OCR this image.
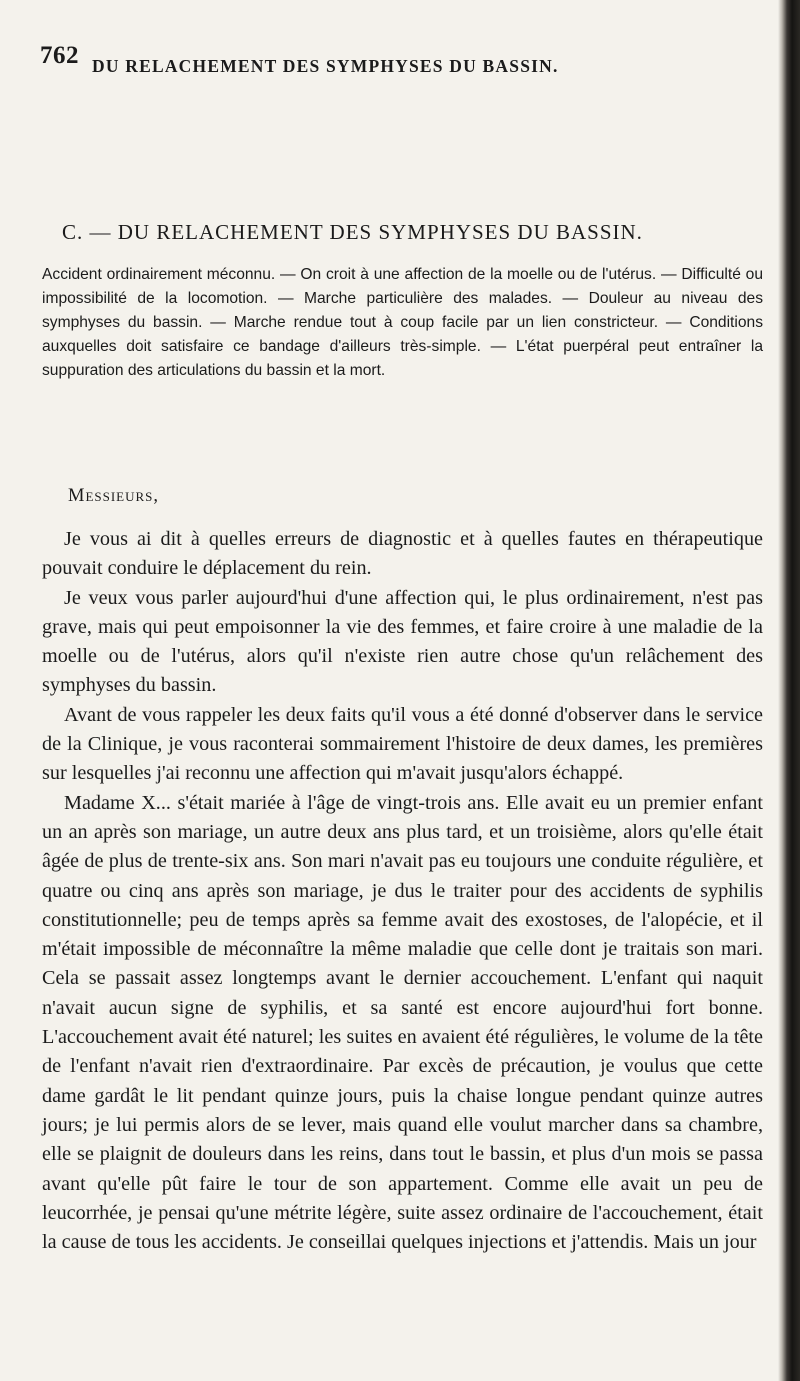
762 DU RELACHEMENT DES SYMPHYSES DU BASSIN.
C. — DU RELACHEMENT DES SYMPHYSES DU BASSIN.

Accident ordinairement méconnu. — On croit à une affection de la moelle ou de l'utérus. — Difficulté ou impossibilité de la locomotion. — Marche particulière des malades. — Douleur au niveau des symphyses du bassin. — Marche rendue tout à coup facile par un lien constricteur. — Conditions auxquelles doit satisfaire ce bandage d'ailleurs très-simple. — L'état puerpéral peut entraîner la suppuration des articulations du bassin et la mort.

Messieurs,

Je vous ai dit à quelles erreurs de diagnostic et à quelles fautes en thérapeutique pouvait conduire le déplacement du rein.

Je veux vous parler aujourd'hui d'une affection qui, le plus ordinairement, n'est pas grave, mais qui peut empoisonner la vie des femmes, et faire croire à une maladie de la moelle ou de l'utérus, alors qu'il n'existe rien autre chose qu'un relâchement des symphyses du bassin.

Avant de vous rappeler les deux faits qu'il vous a été donné d'observer dans le service de la Clinique, je vous raconterai sommairement l'histoire de deux dames, les premières sur lesquelles j'ai reconnu une affection qui m'avait jusqu'alors échappé.

Madame X... s'était mariée à l'âge de vingt-trois ans. Elle avait eu un premier enfant un an après son mariage, un autre deux ans plus tard, et un troisième, alors qu'elle était âgée de plus de trente-six ans. Son mari n'avait pas eu toujours une conduite régulière, et quatre ou cinq ans après son mariage, je dus le traiter pour des accidents de syphilis constitutionnelle; peu de temps après sa femme avait des exostoses, de l'alopécie, et il m'était impossible de méconnaître la même maladie que celle dont je traitais son mari. Cela se passait assez longtemps avant le dernier accouchement. L'enfant qui naquit n'avait aucun signe de syphilis, et sa santé est encore aujourd'hui fort bonne. L'accouchement avait été naturel; les suites en avaient été régulières, le volume de la tête de l'enfant n'avait rien d'extraordinaire. Par excès de précaution, je voulus que cette dame gardât le lit pendant quinze jours, puis la chaise longue pendant quinze autres jours; je lui permis alors de se lever, mais quand elle voulut marcher dans sa chambre, elle se plaignit de douleurs dans les reins, dans tout le bassin, et plus d'un mois se passa avant qu'elle pût faire le tour de son appartement. Comme elle avait un peu de leucorrhée, je pensai qu'une métrite légère, suite assez ordinaire de l'accouchement, était la cause de tous les accidents. Je conseillai quelques injections et j'attendis. Mais un jour
